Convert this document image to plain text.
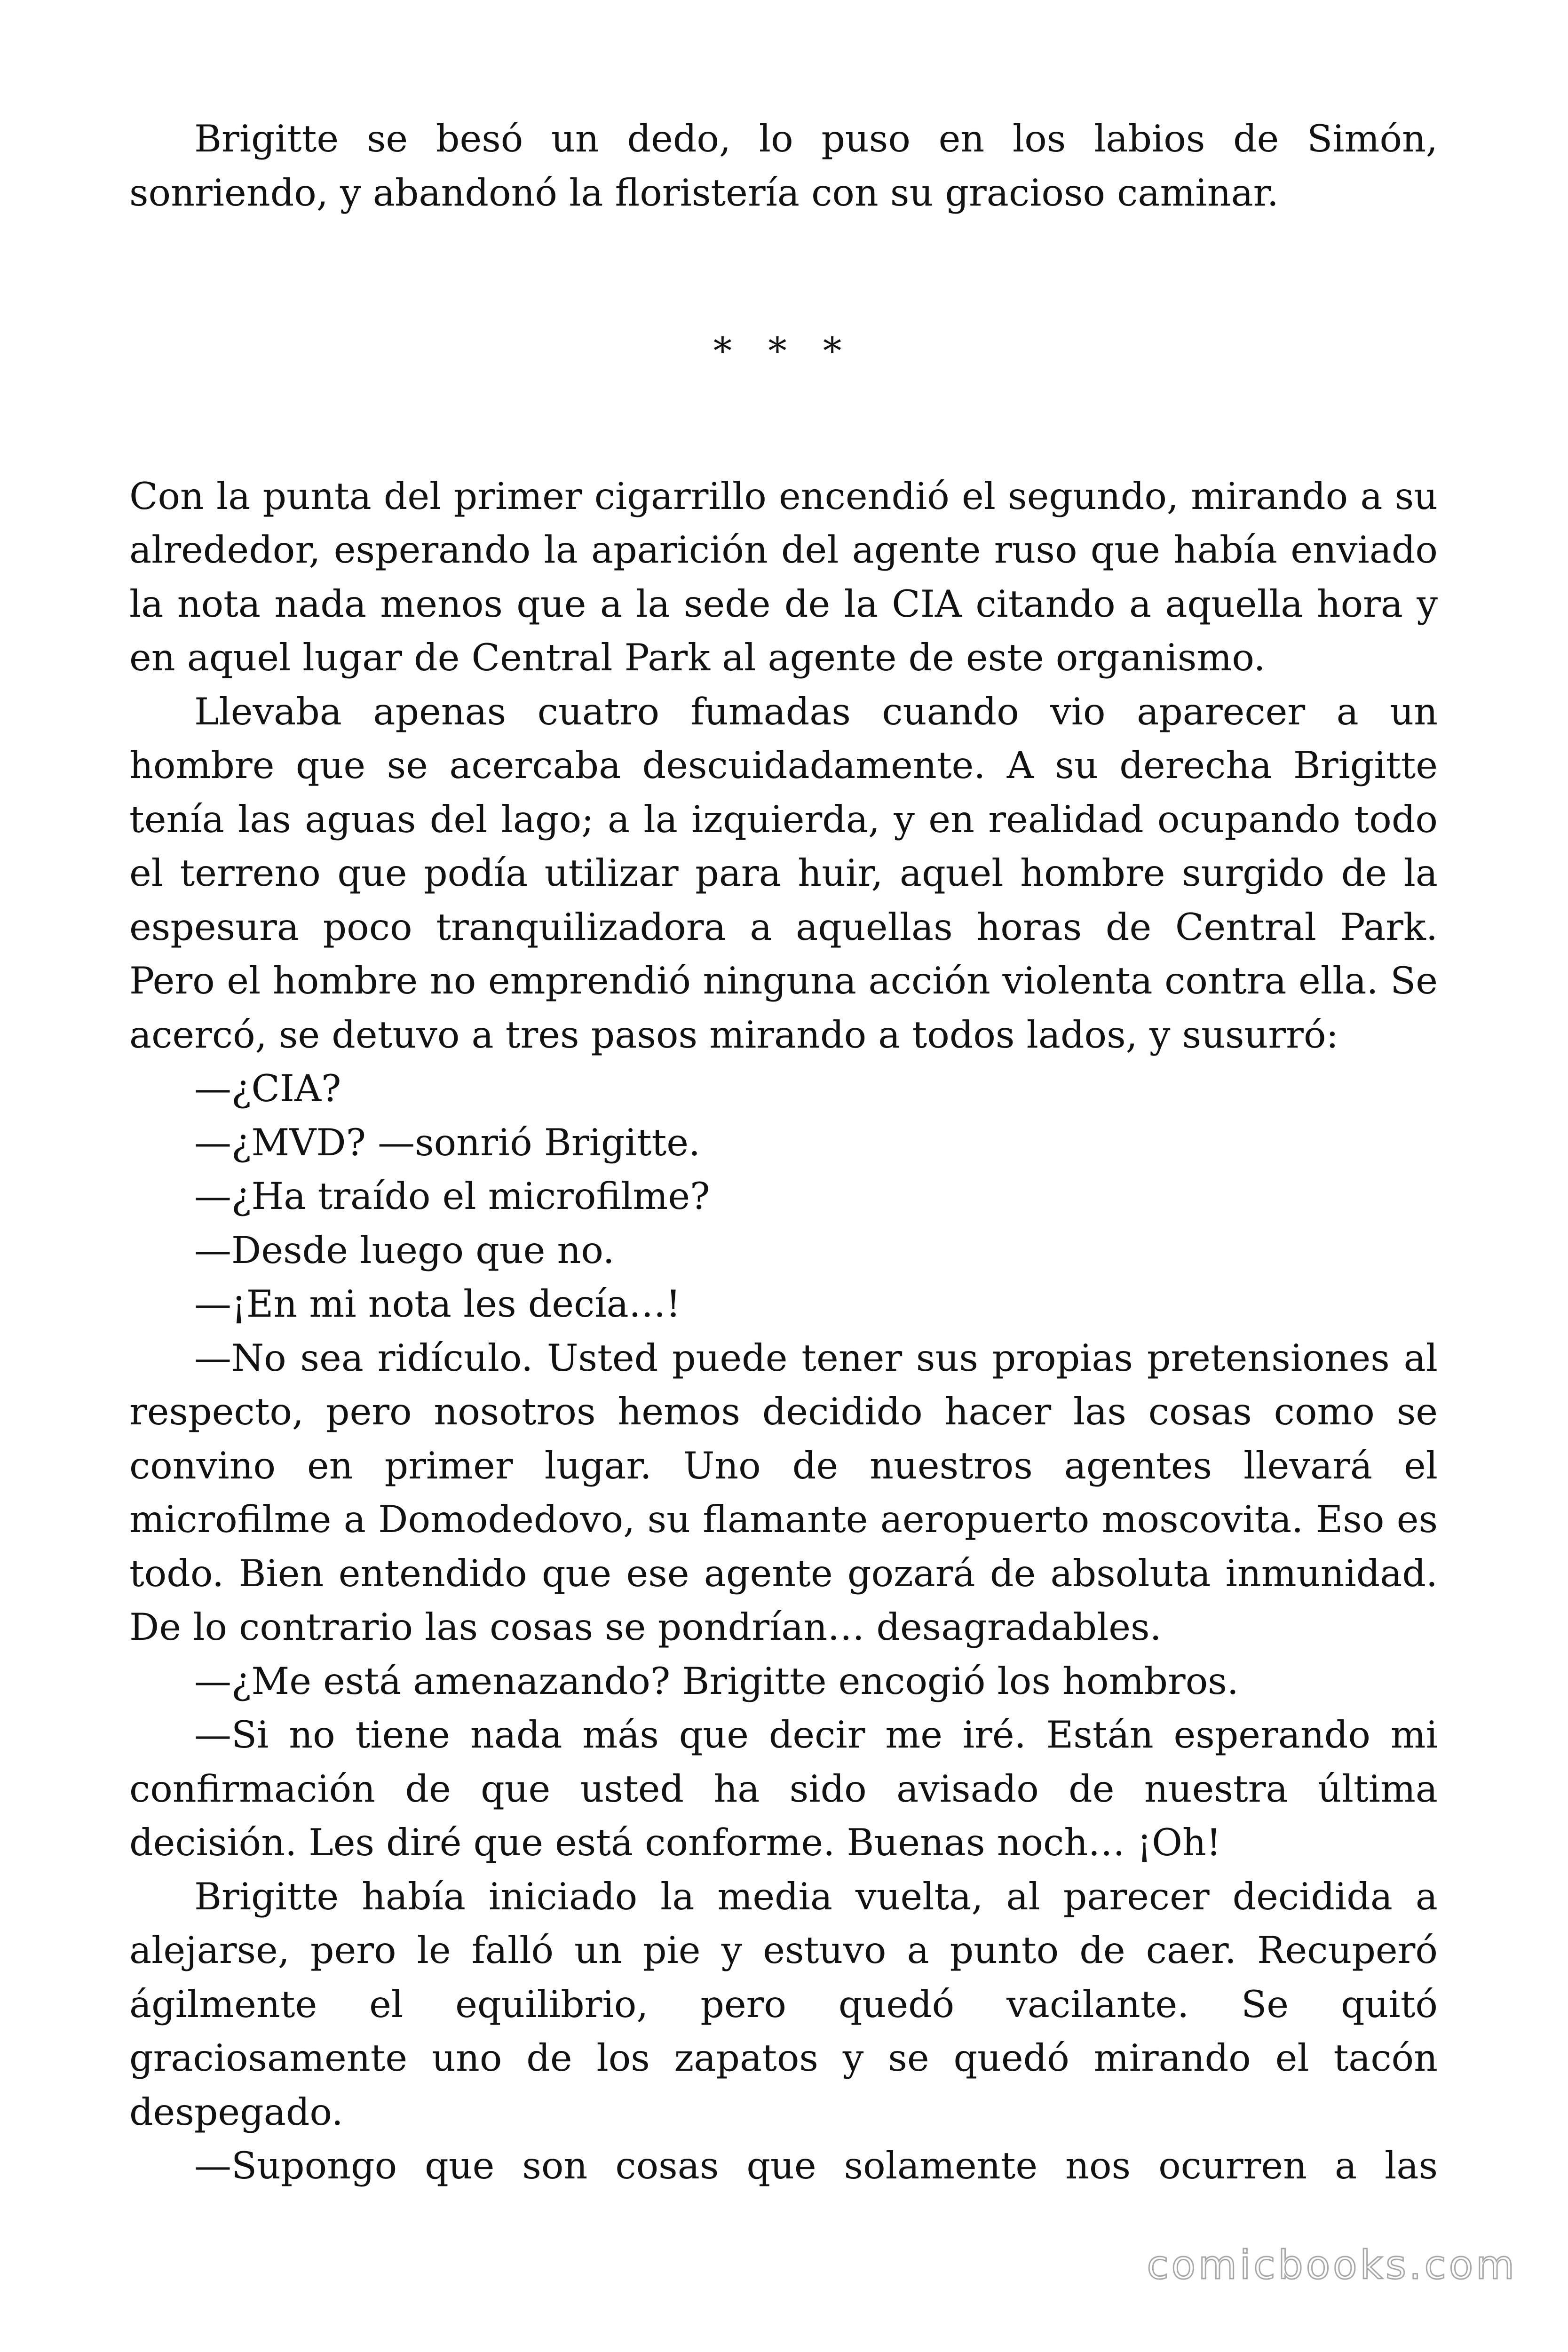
Brigitte se besó un dedo, lo puso en los labios de Simón, sonriendo, y abandonó la floristería con su gracioso caminar.

* * *

Con la punta del primer cigarrillo encendió el segundo, mirando a su alrededor, esperando la aparición del agente ruso que había enviado la nota nada menos que a la sede de la CIA citando a aquella hora y en aquel lugar de Central Park al agente de este organismo.

Llevaba apenas cuatro fumadas cuando vio aparecer a un hombre que se acercaba descuidadamente. A su derecha Brigitte tenía las aguas del lago; a la izquierda, y en realidad ocupando todo el terreno que podía utilizar para huir, aquel hombre surgido de la espesura poco tranquilizadora a aquellas horas de Central Park. Pero el hombre no emprendió ninguna acción violenta contra ella. Se acercó, se detuvo a tres pasos mirando a todos lados, y susurró:

—¿CIA?

—¿MVD? —sonrió Brigitte.

—¿Ha traído el microfilme?

—Desde luego que no.

—¡En mi nota les decía…!

—No sea ridículo. Usted puede tener sus propias pretensiones al respecto, pero nosotros hemos decidido hacer las cosas como se convino en primer lugar. Uno de nuestros agentes llevará el microfilme a Domodedovo, su flamante aeropuerto moscovita. Eso es todo. Bien entendido que ese agente gozará de absoluta inmunidad. De lo contrario las cosas se pondrían… desagradables.

—¿Me está amenazando? Brigitte encogió los hombros.

—Si no tiene nada más que decir me iré. Están esperando mi confirmación de que usted ha sido avisado de nuestra última decisión. Les diré que está conforme. Buenas noch… ¡Oh!

Brigitte había iniciado la media vuelta, al parecer decidida a alejarse, pero le falló un pie y estuvo a punto de caer. Recuperó ágilmente el equilibrio, pero quedó vacilante. Se quitó graciosamente uno de los zapatos y se quedó mirando el tacón despegado.

—Supongo que son cosas que solamente nos ocurren a las

comicbooks.com
